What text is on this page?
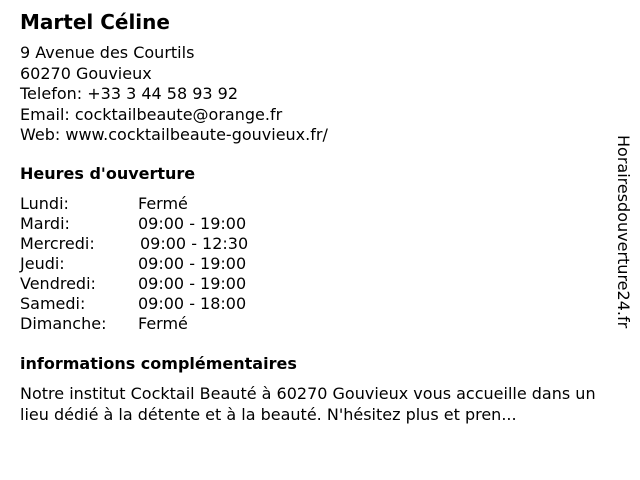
Martel Céline
9 Avenue des Courtils
60270 Gouvieux
Telefon: +33 3 44 58 93 92
Email: cocktailbeaute@orange.fr
Web: www.cocktailbeaute-gouvieux.fr/
Heures d'ouverture
Lundi:	Fermé
Mardi:	09:00 - 19:00
Mercredi:	09:00 - 12:30
Jeudi:	09:00 - 19:00
Vendredi:	09:00 - 19:00
Samedi:	09:00 - 18:00
Dimanche: Fermé
informations complémentaires
Notre institut Cocktail Beauté à 60270 Gouvieux vous accueille dans un lieu dédié à la détente et à la beauté. N'hésitez plus et pren...
Horairesdouverture24.fr
